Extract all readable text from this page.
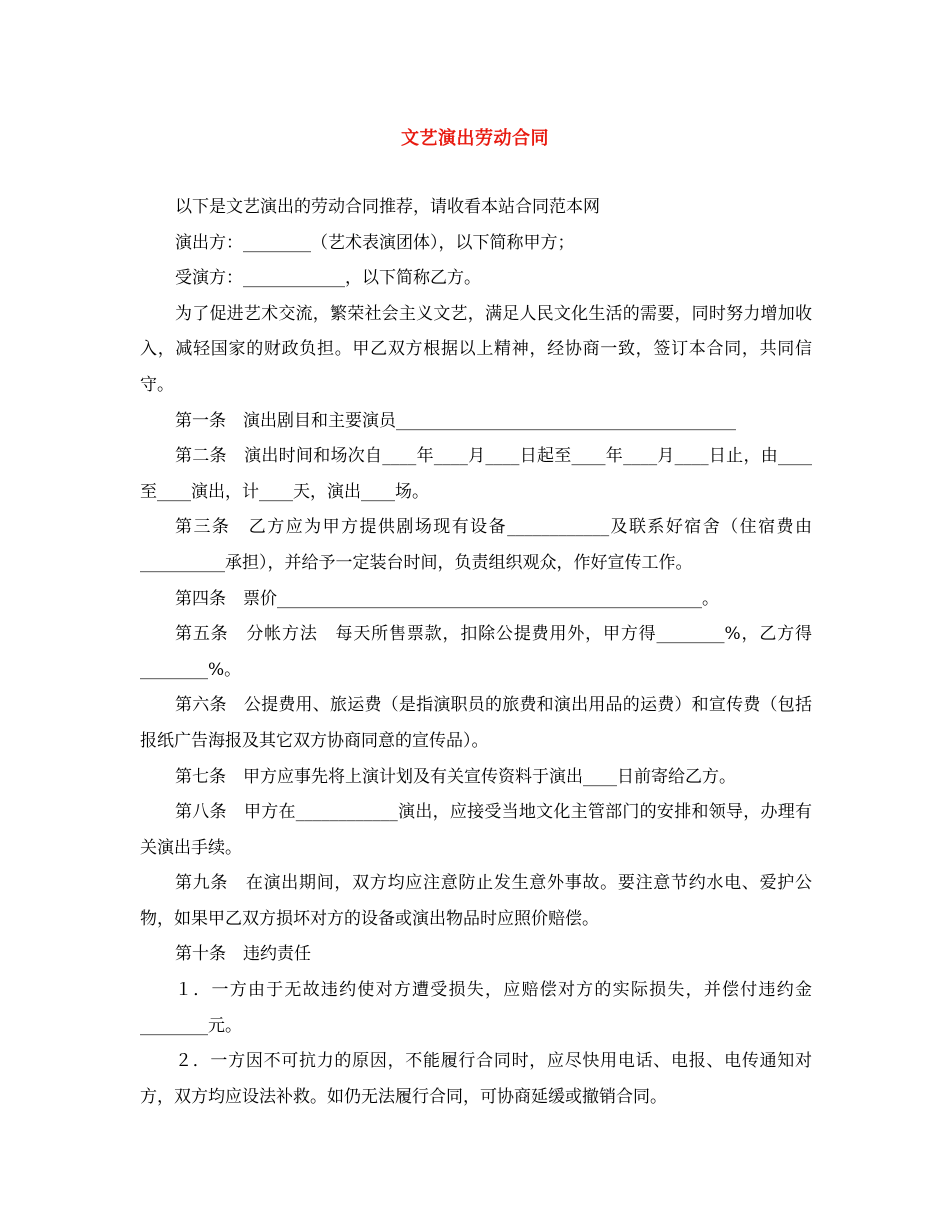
文艺演出劳动合同

以下是文艺演出的劳动合同推荐，请收看本站合同范本网

演出方：________（艺术表演团体），以下简称甲方；

受演方：____________，以下简称乙方。

为了促进艺术交流，繁荣社会主义文艺，满足人民文化生活的需要，同时努力增加收入，减轻国家的财政负担。甲乙双方根据以上精神，经协商一致，签订本合同，共同信守。

第一条　演出剧目和主要演员________________________________________

第二条　演出时间和场次自____年____月____日起至____年____月____日止，由____至____演出，计____天，演出____场。

第三条　乙方应为甲方提供剧场现有设备____________及联系好宿舍（住宿费由__________承担），并给予一定装台时间，负责组织观众，作好宣传工作。

第四条　票价__________________________________________________。

第五条　分帐方法　每天所售票款，扣除公提费用外，甲方得________%，乙方得________%。

第六条　公提费用、旅运费（是指演职员的旅费和演出用品的运费）和宣传费（包括报纸广告海报及其它双方协商同意的宣传品）。

第七条　甲方应事先将上演计划及有关宣传资料于演出____日前寄给乙方。

第八条　甲方在____________演出，应接受当地文化主管部门的安排和领导，办理有关演出手续。

第九条　在演出期间，双方均应注意防止发生意外事故。要注意节约水电、爱护公物，如果甲乙双方损坏对方的设备或演出物品时应照价赔偿。

第十条　违约责任

１．一方由于无故违约使对方遭受损失，应赔偿对方的实际损失，并偿付违约金________元。

２．一方因不可抗力的原因，不能履行合同时，应尽快用电话、电报、电传通知对方，双方均应设法补救。如仍无法履行合同，可协商延缓或撤销合同。
